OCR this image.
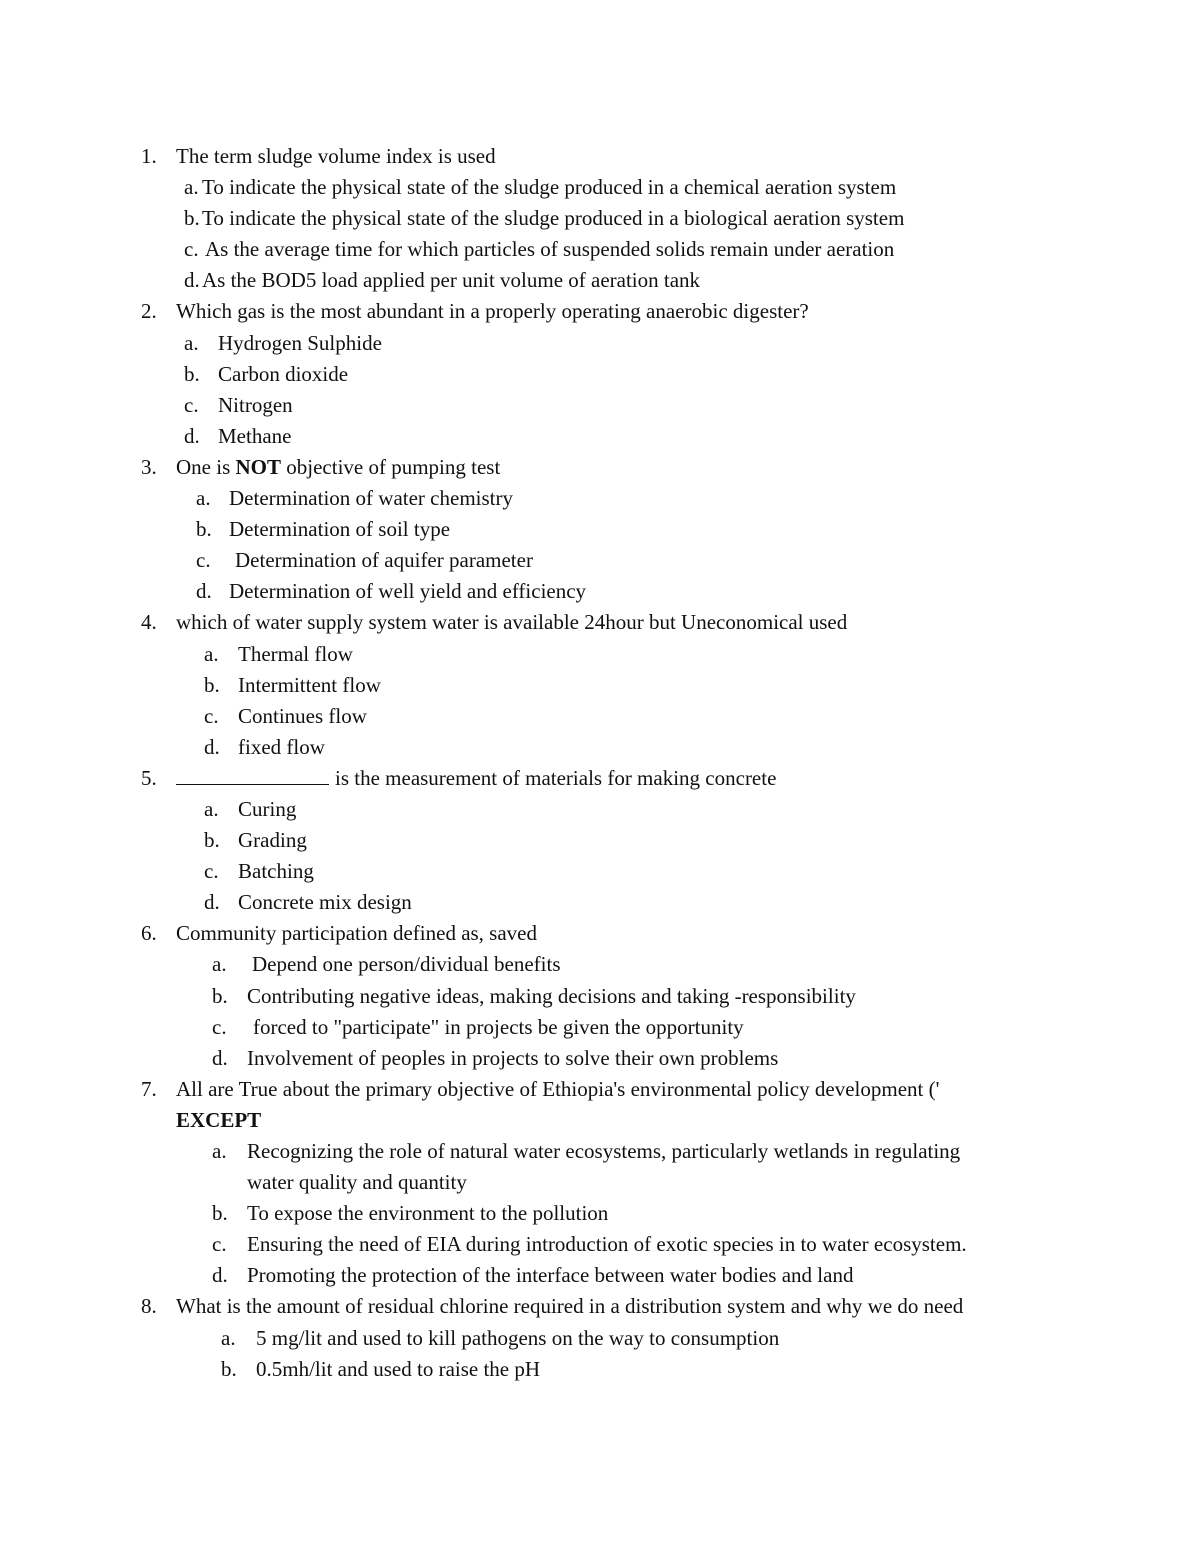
1. The term sludge volume index is used
a. To indicate the physical state of the sludge produced in a chemical aeration system
b. To indicate the physical state of the sludge produced in a biological aeration system
c. As the average time for which particles of suspended solids remain under aeration
d. As the BOD5 load applied per unit volume of aeration tank
2. Which gas is the most abundant in a properly operating anaerobic digester?
a. Hydrogen Sulphide
b. Carbon dioxide
c. Nitrogen
d. Methane
3. One is NOT objective of pumping test
a. Determination of water chemistry
b. Determination of soil type
c. Determination of aquifer parameter
d. Determination of well yield and efficiency
4. which of water supply system water is available 24hour but Uneconomical used
a. Thermal flow
b. Intermittent flow
c. Continues flow
d. fixed flow
5.	is the measurement of materials for making concrete
a. Curing
b. Grading
c. Batching
d. Concrete mix design
6. Community participation defined as, saved
a. Depend one person/dividual benefits
b. Contributing negative ideas, making decisions and taking -responsibility
c. forced to "participate" in projects be given the opportunity
d. Involvement of peoples in projects to solve their own problems
7. All are True about the primary objective of Ethiopia's environmental policy development ('
EXCEPT
a. Recognizing the role of natural water ecosystems, particularly wetlands in regulating
water quality and quantity
b. To expose the environment to the pollution
c. Ensuring the need of EIA during introduction of exotic species in to water ecosystem.
d. Promoting the protection of the interface between water bodies and land
8. What is the amount of residual chlorine required in a distribution system and why we do need
a. 5 mg/lit and used to kill pathogens on the way to consumption
b. 0.5mh/lit and used to raise the pH
